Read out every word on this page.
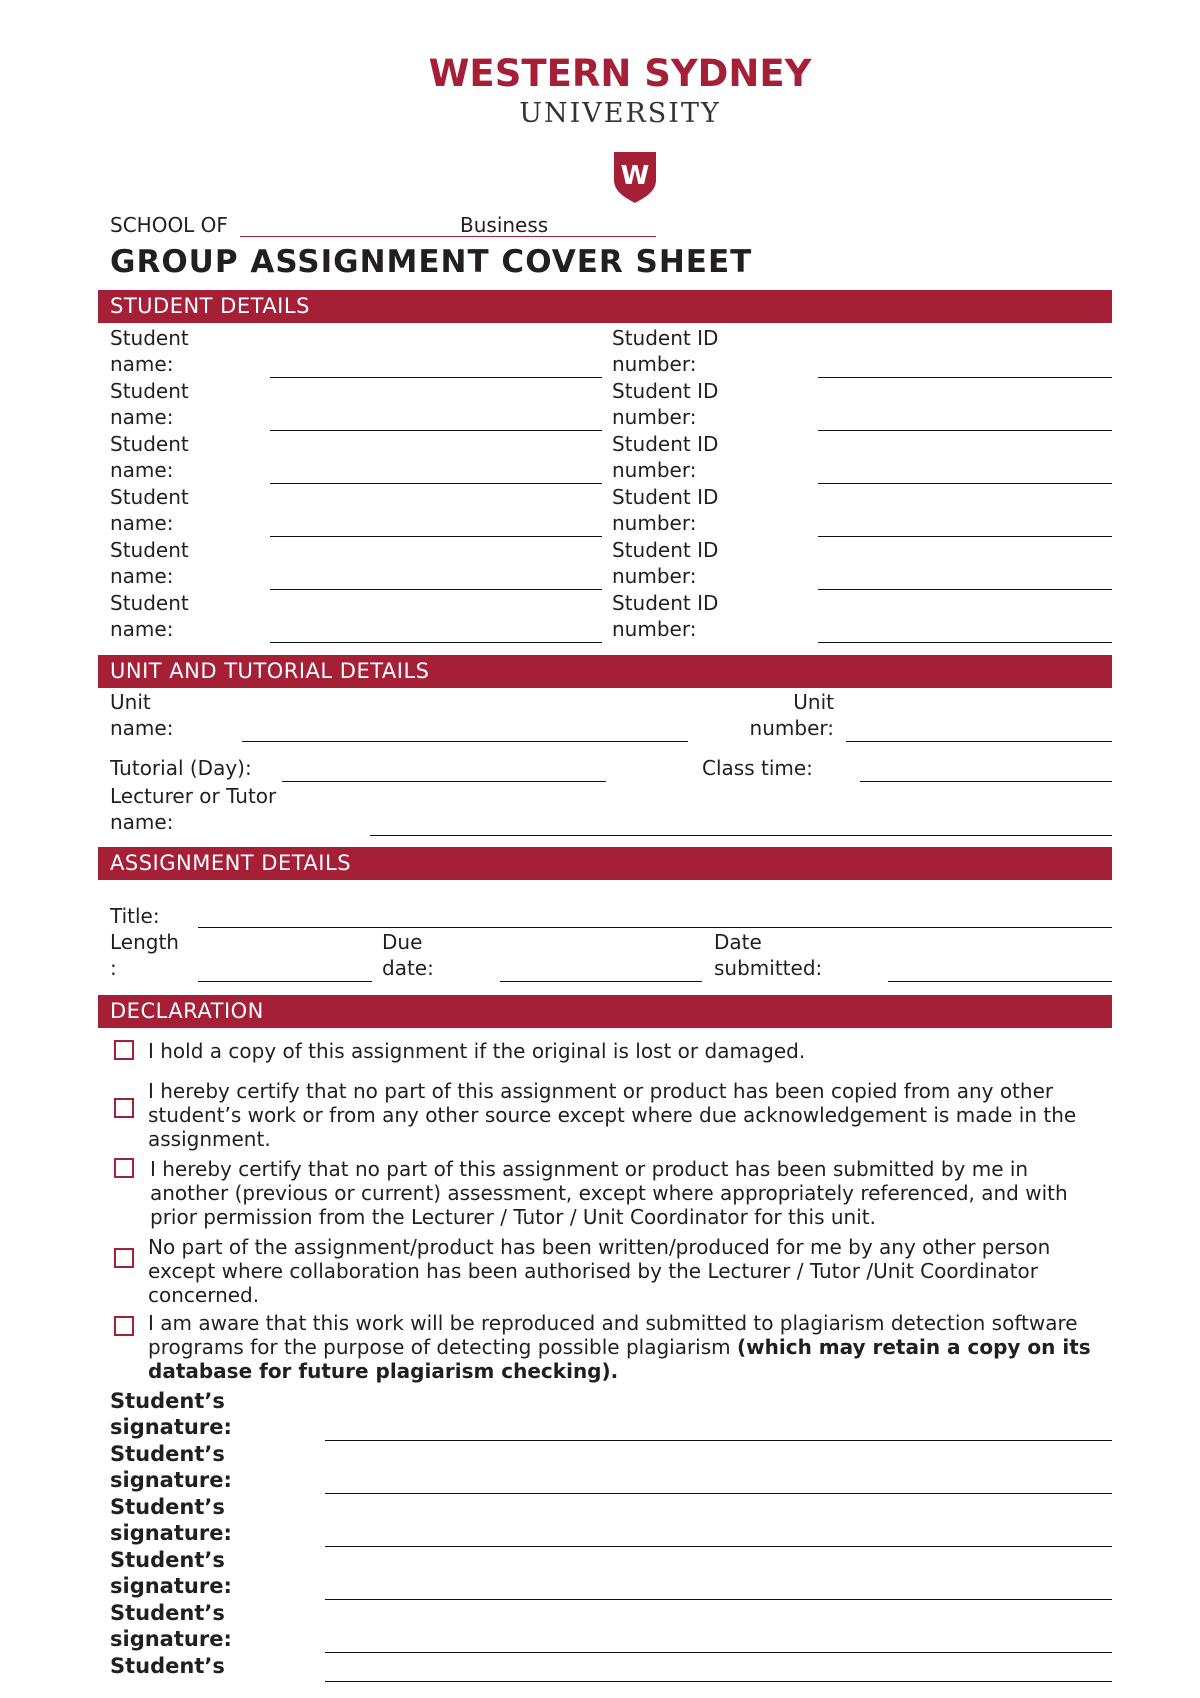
WESTERN SYDNEY
UNIVERSITY
W
SCHOOL OF	Business
GROUP ASSIGNMENT COVER SHEET
STUDENT DETAILS
Student
name:
Student ID
number:
Student
name:
Student ID
number:
Student
name:
Student ID
number:
Student
name:
Student ID
number:
Student
name:
Student ID
number:
Student
name:
Student ID
number:
UNIT AND TUTORIAL DETAILS
Unit
name:
Unit
number:
Tutorial (Day):	Class time:
Lecturer or Tutor
name:
ASSIGNMENT DETAILS
Title:
Length
:
Due
date:
Date
submitted:
DECLARATION
I hold a copy of this assignment if the original is lost or damaged.
I hereby certify that no part of this assignment or product has been copied from any other student’s work or from any other source except where due acknowledgement is made in the assignment.
I hereby certify that no part of this assignment or product has been submitted by me in another (previous or current) assessment, except where appropriately referenced, and with prior permission from the Lecturer / Tutor / Unit Coordinator for this unit.
No part of the assignment/product has been written/produced for me by any other person except where collaboration has been authorised by the Lecturer / Tutor /Unit Coordinator concerned.
I am aware that this work will be reproduced and submitted to plagiarism detection software programs for the purpose of detecting possible plagiarism (which may retain a copy on its database for future plagiarism checking).
Student’s
signature:
Student’s
signature:
Student’s
signature:
Student’s
signature:
Student’s
signature:
Student’s
